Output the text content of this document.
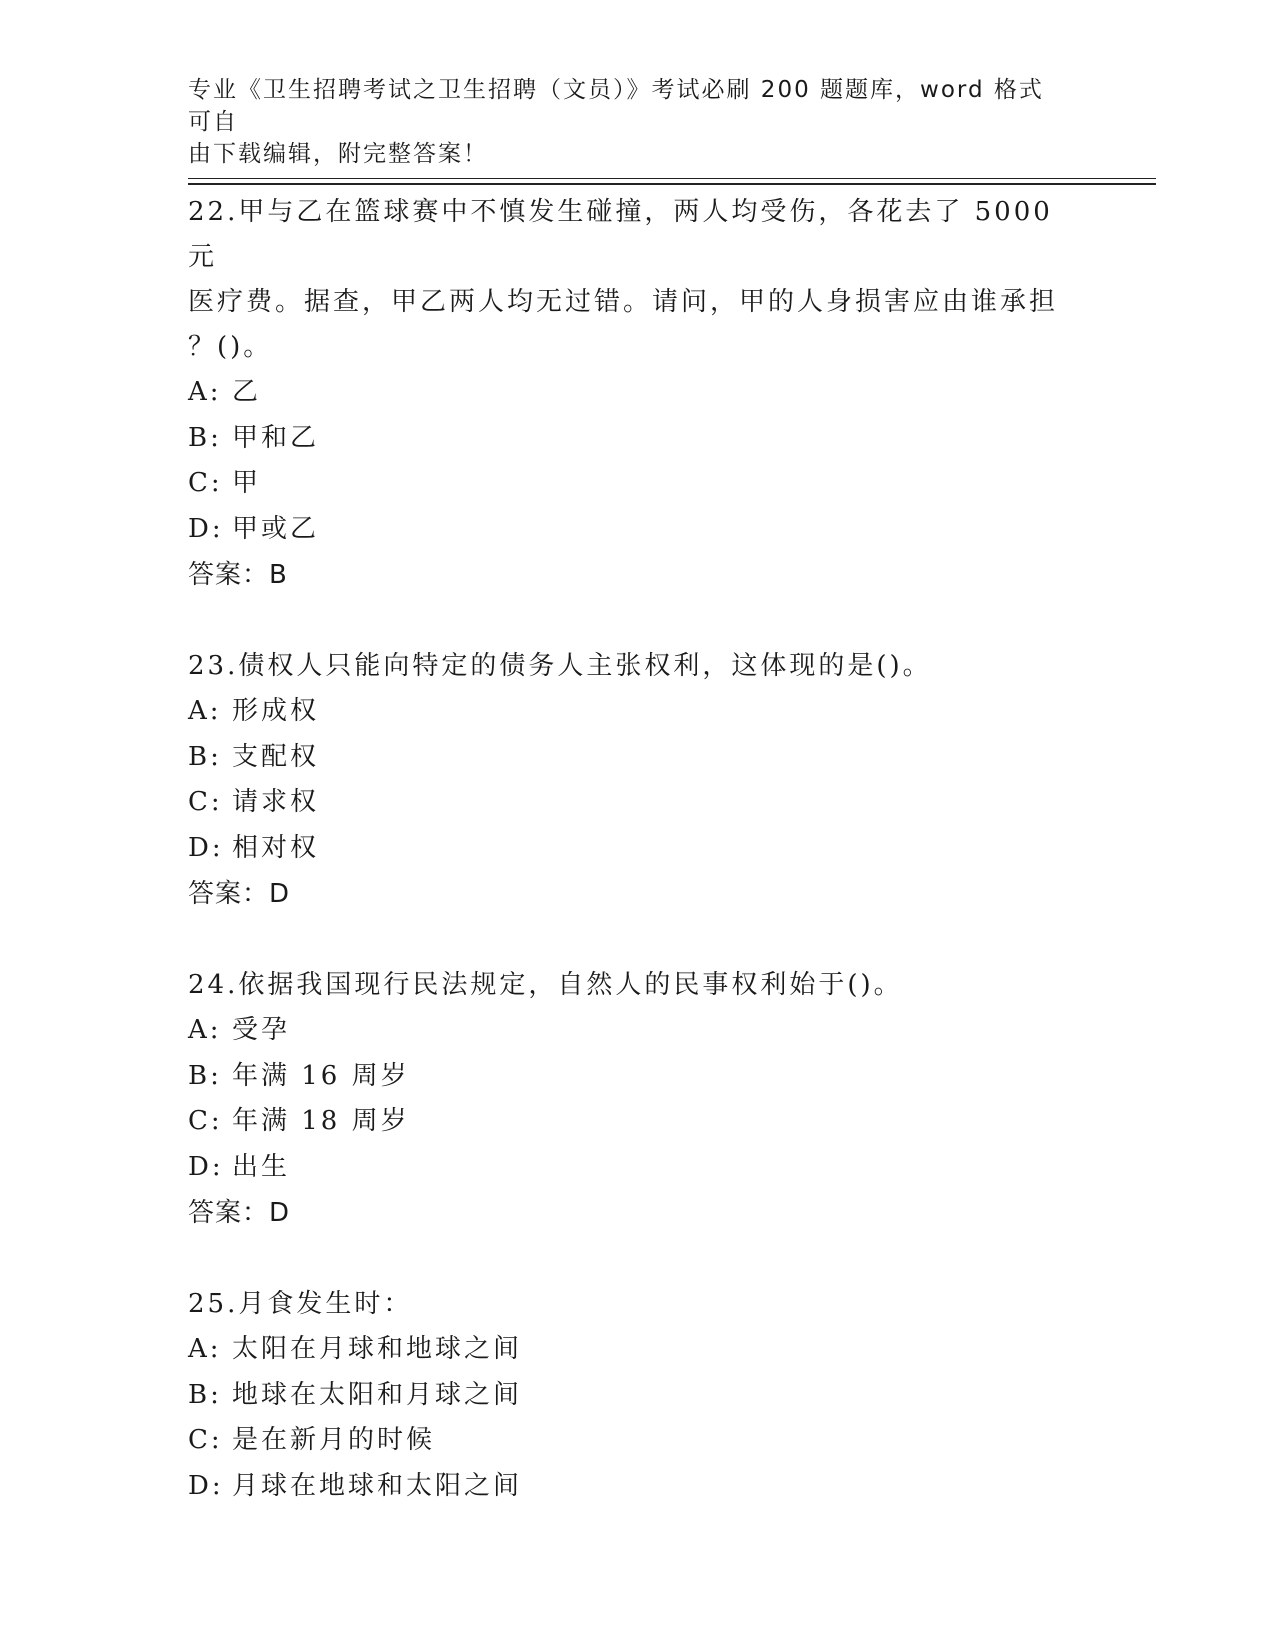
专业《卫生招聘考试之卫生招聘（文员）》考试必刷 200 题题库，word 格式可自
由下载编辑，附完整答案！
22.甲与乙在篮球赛中不慎发生碰撞，两人均受伤，各花去了 5000 元
医疗费。据查，甲乙两人均无过错。请问，甲的人身损害应由谁承担
？()。
A: 乙
B: 甲和乙
C: 甲
D: 甲或乙
答案：B
23.债权人只能向特定的债务人主张权利，这体现的是()。
A: 形成权
B: 支配权
C: 请求权
D: 相对权
答案：D
24.依据我国现行民法规定，自然人的民事权利始于()。
A: 受孕
B: 年满 16 周岁
C: 年满 18 周岁
D: 出生
答案：D
25.月食发生时：
A: 太阳在月球和地球之间
B: 地球在太阳和月球之间
C: 是在新月的时候
D: 月球在地球和太阳之间
